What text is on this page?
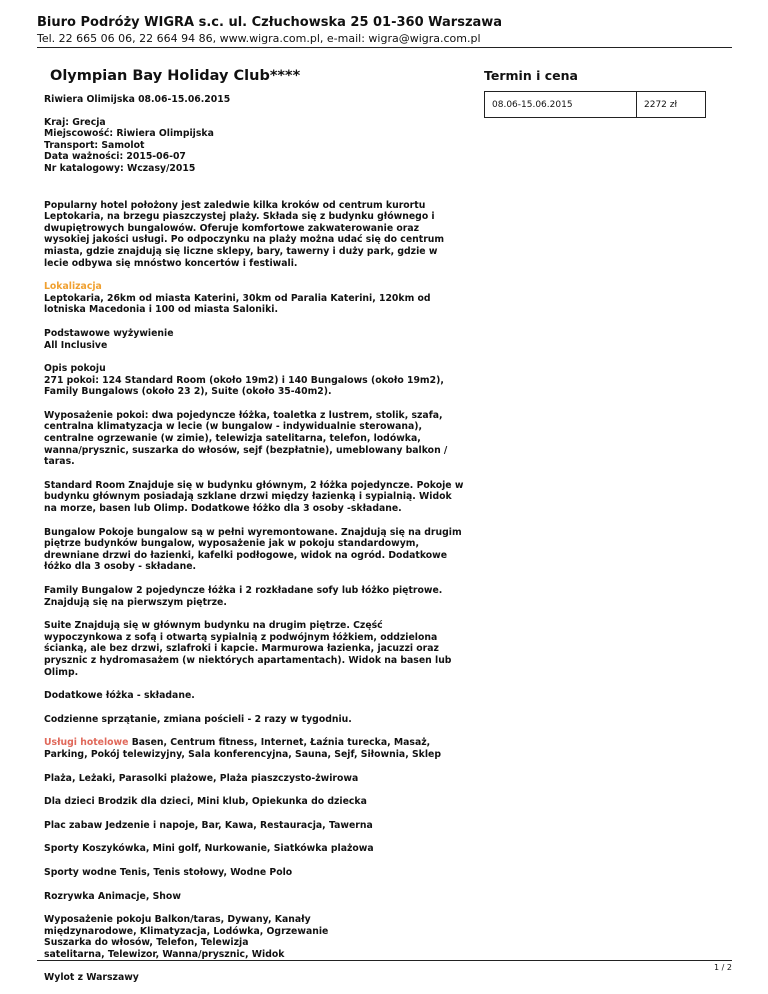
Biuro Podróży WIGRA s.c. ul. Człuchowska 25 01-360 Warszawa

Tel. 22 665 06 06, 22 664 94 86, www.wigra.com.pl, e-mail: wigra@wigra.com.pl

Olympian Bay Holiday Club****

Riwiera Olimijska 08.06-15.06.2015

Kraj: Grecja
Miejscowość: Riwiera Olimpijska
Transport: Samolot
Data ważności: 2015-06-07
Nr katalogowy: Wczasy/2015

Popularny hotel położony jest zaledwie kilka kroków od centrum kurortu Leptokaria, na brzegu piaszczystej plaży. Składa się z budynku głównego i dwupiętrowych bungalowów. Oferuje komfortowe zakwaterowanie oraz wysokiej jakości usługi. Po odpoczynku na plaży można udać się do centrum miasta, gdzie znajdują się liczne sklepy, bary, tawerny i duży park, gdzie w lecie odbywa się mnóstwo koncertów i festiwali.

Lokalizacja
Leptokaria, 26km od miasta Katerini, 30km od Paralia Katerini, 120km od lotniska Macedonia i 100 od miasta Saloniki.
Podstawowe wyżywienie
All Inclusive
Opis pokoju
271 pokoi: 124 Standard Room (około 19m2) i 140 Bungalows (około 19m2), Family Bungalows (około 23 2), Suite (około 35-40m2).

Wyposażenie pokoi: dwa pojedyncze łóżka, toaletka z lustrem, stolik, szafa, centralna klimatyzacja w lecie (w bungalow - indywidualnie sterowana), centralne ogrzewanie (w zimie), telewizja satelitarna, telefon, lodówka, wanna/prysznic, suszarka do włosów, sejf (bezpłatnie), umeblowany balkon / taras.

Standard Room Znajduje się w budynku głównym, 2 łóżka pojedyncze. Pokoje w budynku głównym posiadają szklane drzwi między łazienką i sypialnią. Widok na morze, basen lub Olimp. Dodatkowe łóżko dla 3 osoby -składane.

Bungalow Pokoje bungalow są w pełni wyremontowane. Znajdują się na drugim piętrze budynków bungalow, wyposażenie jak w pokoju standardowym, drewniane drzwi do łazienki, kafelki podłogowe, widok na ogród. Dodatkowe łóżko dla 3 osoby - składane.

Family Bungalow 2 pojedyncze łóżka i 2 rozkładane sofy lub łóżko piętrowe. Znajdują się na pierwszym piętrze.

Suite Znajdują się w głównym budynku na drugim piętrze. Część wypoczynkowa z sofą i otwartą sypialnią z podwójnym łóżkiem, oddzielona ścianką, ale bez drzwi, szlafroki i kapcie. Marmurowa łazienka, jacuzzi oraz prysznic z hydromasażem (w niektórych apartamentach). Widok na basen lub Olimp.

Dodatkowe łóżka - składane.

Codzienne sprzątanie, zmiana pościeli - 2 razy w tygodniu.

Usługi hotelowe Basen, Centrum fitness, Internet, Łaźnia turecka, Masaż, Parking, Pokój telewizyjny, Sala konferencyjna, Sauna, Sejf, Siłownia, Sklep

Plaża, Leżaki, Parasolki plażowe, Plaża piaszczysto-żwirowa

Dla dzieci Brodzik dla dzieci, Mini klub, Opiekunka do dziecka

Plac zabaw Jedzenie i napoje, Bar, Kawa, Restauracja, Tawerna

Sporty Koszykówka, Mini golf, Nurkowanie, Siatkówka plażowa

Sporty wodne Tenis, Tenis stołowy, Wodne Polo

Rozrywka Animacje, Show

Wyposażenie pokoju Balkon/taras, Dywany, Kanały
międzynarodowe, Klimatyzacja, Lodówka, Ogrzewanie
Suszarka do włosów, Telefon, Telewizja
satelitarna, Telewizor, Wanna/prysznic, Widok

Wylot z Warszawy

Termin i cena
08.06-15.06.2015	2272 zł
1 / 2
